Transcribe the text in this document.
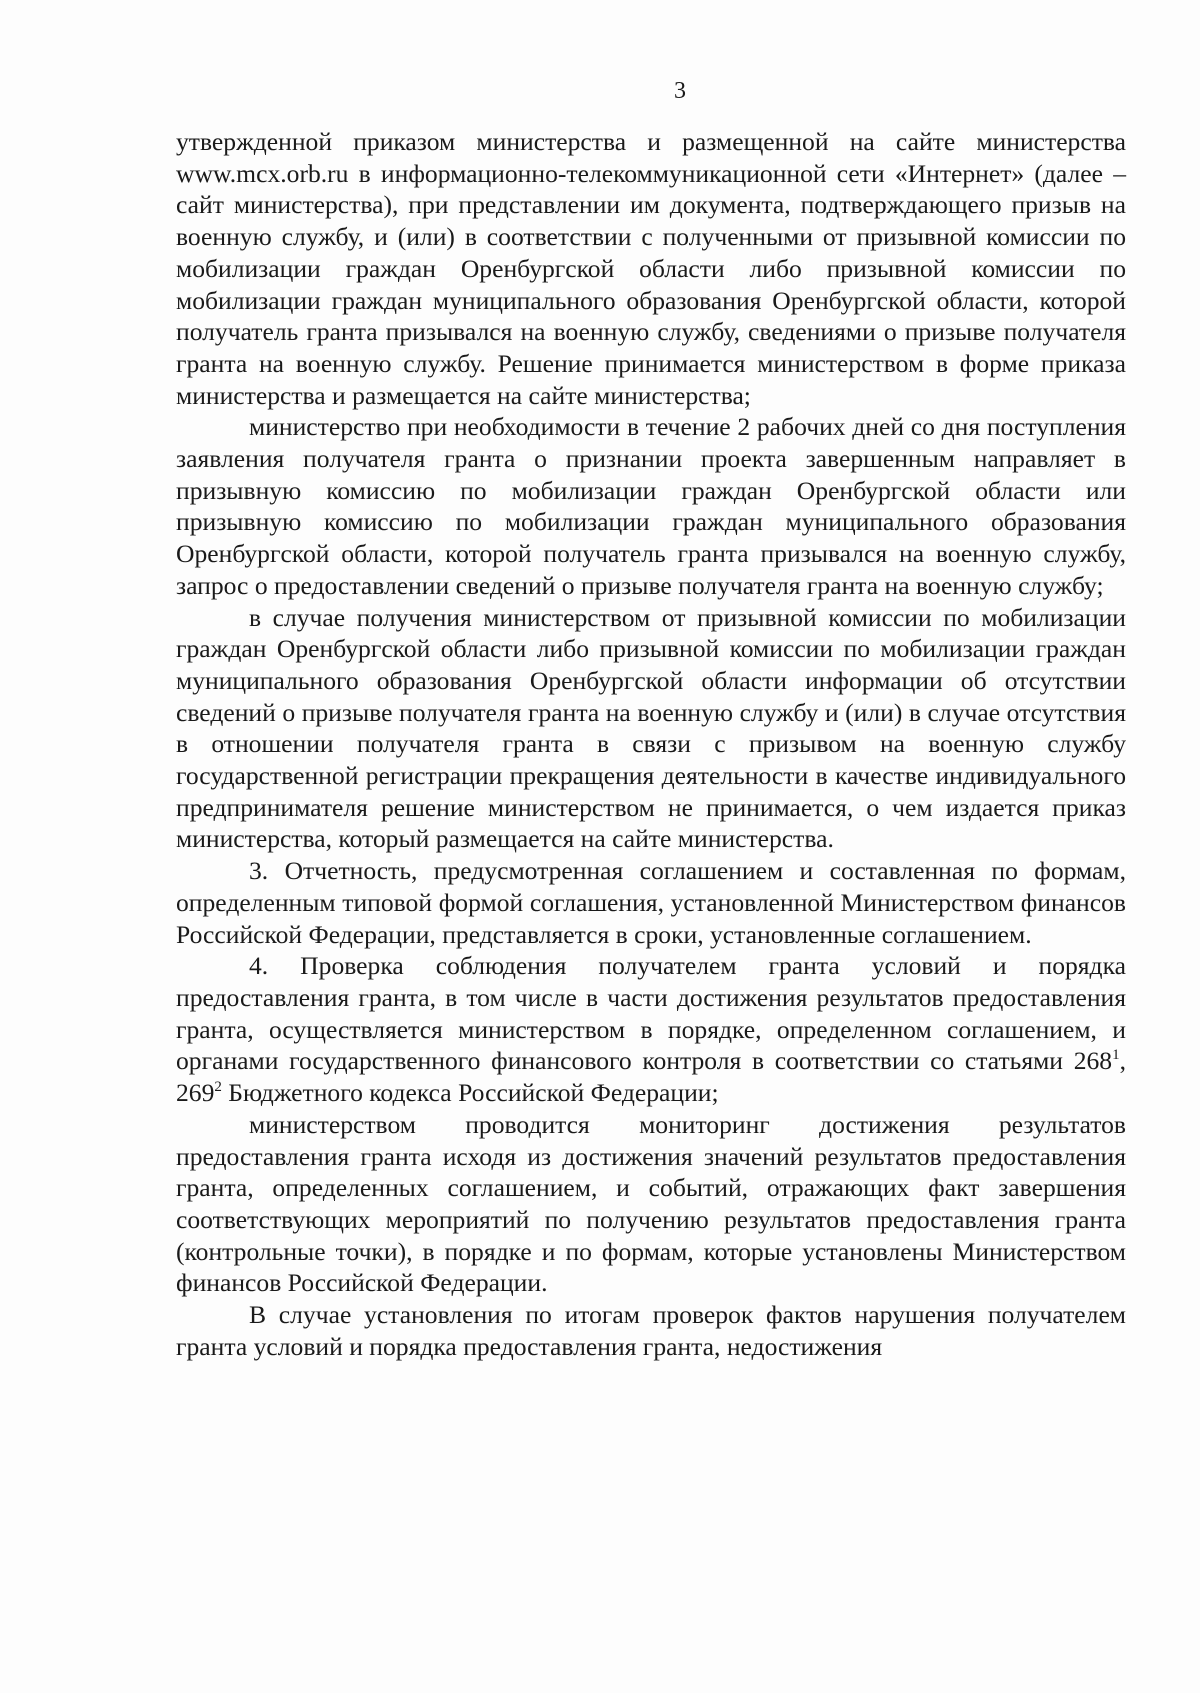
3

утвержденной приказом министерства и размещенной на сайте министерства www.mcx.orb.ru в информационно-телекоммуникационной сети «Интернет» (далее – сайт министерства), при представлении им документа, подтверждающего призыв на военную службу, и (или) в соответствии с полученными от призывной комиссии по мобилизации граждан Оренбургской области либо призывной комиссии по мобилизации граждан муниципального образования Оренбургской области, которой получатель гранта призывался на военную службу, сведениями о призыве получателя гранта на военную службу. Решение принимается министерством в форме приказа министерства и размещается на сайте министерства;

министерство при необходимости в течение 2 рабочих дней со дня поступления заявления получателя гранта о признании проекта завершенным направляет в призывную комиссию по мобилизации граждан Оренбургской области или призывную комиссию по мобилизации граждан муниципального образования Оренбургской области, которой получатель гранта призывался на военную службу, запрос о предоставлении сведений о призыве получателя гранта на военную службу;

в случае получения министерством от призывной комиссии по мобилизации граждан Оренбургской области либо призывной комиссии по мобилизации граждан муниципального образования Оренбургской области информации об отсутствии сведений о призыве получателя гранта на военную службу и (или) в случае отсутствия в отношении получателя гранта в связи с призывом на военную службу государственной регистрации прекращения деятельности в качестве индивидуального предпринимателя решение министерством не принимается, о чем издается приказ министерства, который размещается на сайте министерства.

3. Отчетность, предусмотренная соглашением и составленная по формам, определенным типовой формой соглашения, установленной Министерством финансов Российской Федерации, представляется в сроки, установленные соглашением.

4. Проверка соблюдения получателем гранта условий и порядка предоставления гранта, в том числе в части достижения результатов предоставления гранта, осуществляется министерством в порядке, определенном соглашением, и органами государственного финансового контроля в соответствии со статьями $268^1$, $269^2$ Бюджетного кодекса Российской Федерации;

министерством проводится мониторинг достижения результатов предоставления гранта исходя из достижения значений результатов предоставления гранта, определенных соглашением, и событий, отражающих факт завершения соответствующих мероприятий по получению результатов предоставления гранта (контрольные точки), в порядке и по формам, которые установлены Министерством финансов Российской Федерации.

В случае установления по итогам проверок фактов нарушения получателем гранта условий и порядка предоставления гранта, недостижения
